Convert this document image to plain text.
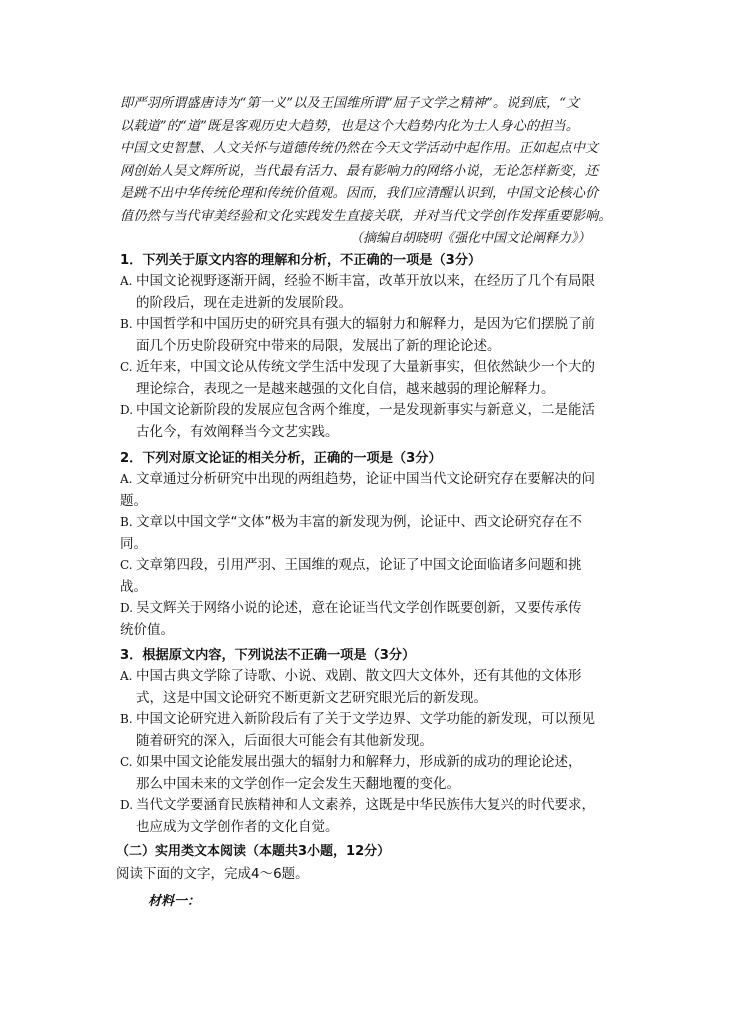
即严羽所谓盛唐诗为“第一义”以及王国维所谓“屈子文学之精神”。说到底，“文
以载道”的“道”既是客观历史大趋势，也是这个大趋势内化为士人身心的担当。
中国文史智慧、人文关怀与道德传统仍然在今天文学活动中起作用。正如起点中文
网创始人吴文辉所说，当代最有活力、最有影响力的网络小说，无论怎样新变，还
是跳不出中华传统伦理和传统价值观。因而，我们应清醒认识到，中国文论核心价
值仍然与当代审美经验和文化实践发生直接关联，并对当代文学创作发挥重要影响。
（摘编自胡晓明《强化中国文论阐释力》）
1．下列关于原文内容的理解和分析，不正确的一项是（3分）
A. 中国文论视野逐渐开阔，经验不断丰富，改革开放以来，在经历了几个有局限
的阶段后，现在走进新的发展阶段。
B. 中国哲学和中国历史的研究具有强大的辐射力和解释力，是因为它们摆脱了前
面几个历史阶段研究中带来的局限，发展出了新的理论论述。
C. 近年来，中国文论从传统文学生活中发现了大量新事实，但依然缺少一个大的
理论综合，表现之一是越来越强的文化自信，越来越弱的理论解释力。
D. 中国文论新阶段的发展应包含两个维度，一是发现新事实与新意义，二是能活
古化今，有效阐释当今文艺实践。
2．下列对原文论证的相关分析，正确的一项是（3分）
A. 文章通过分析研究中出现的两组趋势，论证中国当代文论研究存在要解决的问
题。
B. 文章以中国文学“文体”极为丰富的新发现为例，论证中、西文论研究存在不
同。
C. 文章第四段，引用严羽、王国维的观点，论证了中国文论面临诸多问题和挑
战。
D. 吴文辉关于网络小说的论述，意在论证当代文学创作既要创新，又要传承传
统价值。
3．根据原文内容，下列说法不正确一项是（3分）
A. 中国古典文学除了诗歌、小说、戏剧、散文四大文体外，还有其他的文体形
式，这是中国文论研究不断更新文艺研究眼光后的新发现。
B. 中国文论研究进入新阶段后有了关于文学边界、文学功能的新发现，可以预见
随着研究的深入，后面很大可能会有其他新发现。
C. 如果中国文论能发展出强大的辐射力和解释力，形成新的成功的理论论述，
那么中国未来的文学创作一定会发生天翻地覆的变化。
D. 当代文学要涵育民族精神和人文素养，这既是中华民族伟大复兴的时代要求，
也应成为文学创作者的文化自觉。
（二）实用类文本阅读（本题共3小题，12分）
阅读下面的文字，完成4～6题。
材料一：
